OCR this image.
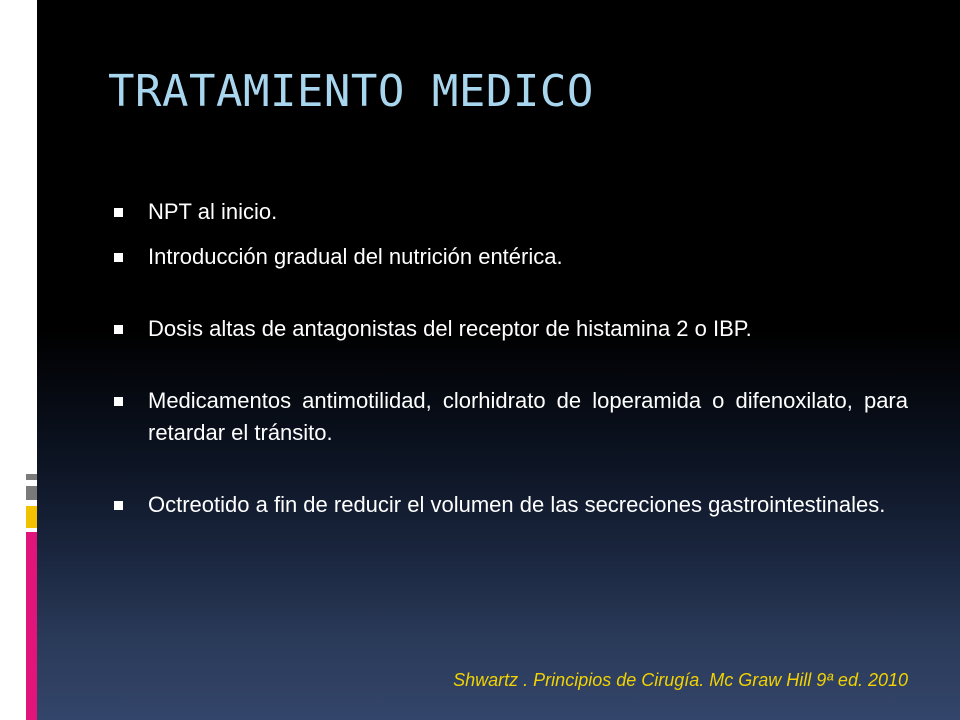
TRATAMIENTO MEDICO
NPT al inicio.
Introducción gradual del nutrición entérica.
Dosis altas de antagonistas del receptor de histamina 2 o IBP.
Medicamentos antimotilidad, clorhidrato de loperamida o difenoxilato, para retardar el tránsito.
Octreotido a fin de reducir el volumen de las secreciones gastrointestinales.

Shwartz . Principios de Cirugía. Mc Graw Hill 9ª ed. 2010
